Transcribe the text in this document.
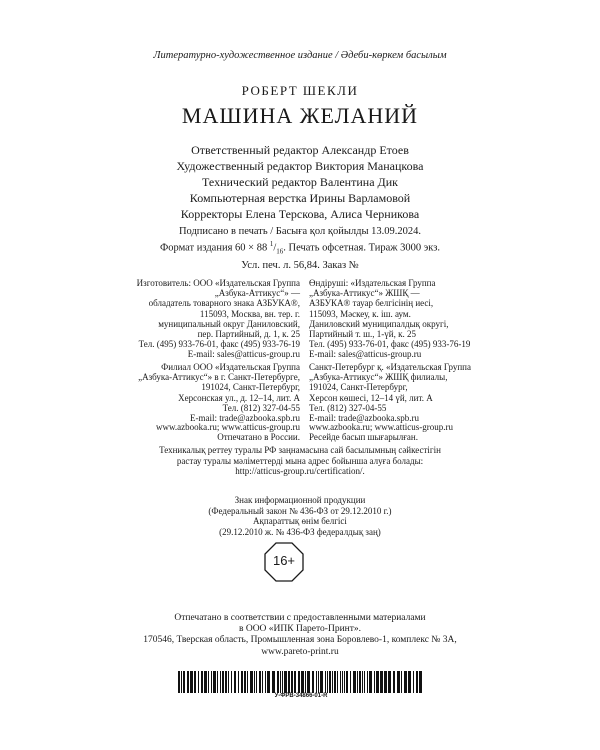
Литературно-художественное издание / Әдеби-көркем басылым
РОБЕРТ ШЕКЛИ
МАШИНА ЖЕЛАНИЙ
Ответственный редактор Александр Етоев
Художественный редактор Виктория Манацкова
Технический редактор Валентина Дик
Компьютерная верстка Ирины Варламовой
Корректоры Елена Терскова, Алиса Черникова
Подписано в печать / Басыға қол қойылды 13.09.2024.
Формат издания 60 × 88 $^1/_{16}$. Печать офсетная. Тираж 3000 экз.
Усл. печ. л. 56,84. Заказ №
Изготовитель: ООО «Издательская Группа
„Азбука-Аттикус“» —
обладатель товарного знака АЗБУКА®,
115093, Москва, вн. тер. г.
муниципальный округ Даниловский,
пер. Партийный, д. 1, к. 25
Тел. (495) 933-76-01, факс (495) 933-76-19
E-mail: sales@atticus-group.ru
Филиал ООО «Издательская Группа
„Азбука-Аттикус“» в г. Санкт-Петербурге,
191024, Санкт-Петербург,
Херсонская ул., д. 12–14, лит. А
Тел. (812) 327-04-55
E-mail: trade@azbooka.spb.ru
www.azbooka.ru; www.atticus-group.ru
Отпечатано в России.
Өндіруші: «Издательская Группа
„Азбука-Аттикус“» ЖШҚ —
АЗБУКА® тауар белгісінің иесі,
115093, Мәскеу, к. іш. аум.
Даниловский муниципалдық округі,
Партийный т. ш., 1-үй, к. 25
Тел. (495) 933-76-01, факс (495) 933-76-19
E-mail: sales@atticus-group.ru
Санкт-Петербург қ. «Издательская Группа
„Азбука-Аттикус“» ЖШҚ филиалы,
191024, Санкт-Петербург,
Херсон көшесі, 12–14 үй, лит. А
Тел. (812) 327-04-55
E-mail: trade@azbooka.spb.ru
www.azbooka.ru; www.atticus-group.ru
Ресейде басып шығарылған.
Техникалық реттеу туралы РФ заңнамасына сай басылымның сәйкестігін
растау туралы мәліметтерді мына адрес бойынша алуға болады:
http://atticus-group.ru/certification/.
Знак информационной продукции
(Федеральный закон № 436-ФЗ от 29.12.2010 г.)
Ақпараттық өнім белгісі
(29.12.2010 ж. № 436-ФЗ федералдық заң)
16+
Отпечатано в соответствии с предоставленными материалами
в ООО «ИПК Парето-Принт».
170546, Тверская область, Промышленная зона Боровлево-1, комплекс № 3А,
www.pareto-print.ru
У-ФРВ-34866-01-R
